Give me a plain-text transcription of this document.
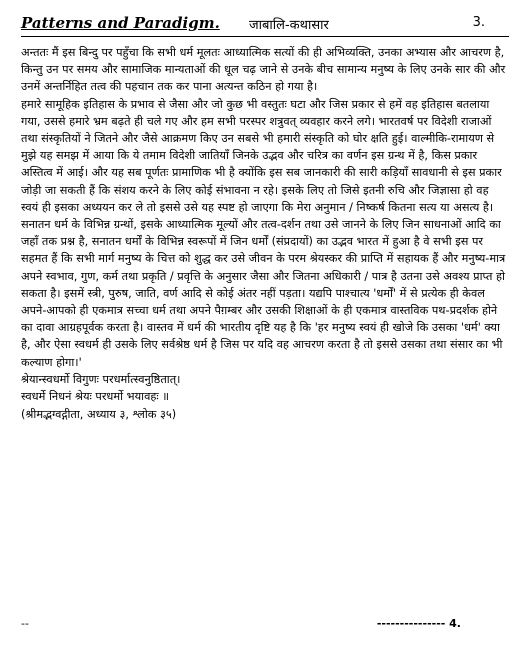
Patterns and Paradigm. जाबालि-कथासार	3.

अन्ततः मैं इस बिन्दु पर पहुँचा कि सभी धर्म मूलतः आध्यात्मिक सत्यों की ही अभिव्यक्ति, उनका अभ्यास और आचरण है, किन्तु उन पर समय और सामाजिक मान्यताओं की धूल चढ़ जाने से उनके बीच सामान्य मनुष्य के लिए उनके सार की और उनमें अन्तर्निहित तत्व की पहचान तक कर पाना अत्यन्त कठिन हो गया है।

हमारे सामूहिक इतिहास के प्रभाव से जैसा और जो कुछ भी वस्तुतः घटा और जिस प्रकार से हमें वह इतिहास बतलाया गया, उससे हमारे भ्रम बढ़ते ही चले गए और हम सभी परस्पर शत्रुवत् व्यवहार करने लगे। भारतवर्ष पर विदेशी राजाओं तथा संस्कृतियों ने जितने और जैसे आक्रमण किए उन सबसे भी हमारी संस्कृति को घोर क्षति हुई। वाल्मीकि-रामायण से मुझे यह समझ में आया कि ये तमाम विदेशी जातियाँ जिनके उद्भव और चरित्र का वर्णन इस ग्रन्थ में है, किस प्रकार अस्तित्व में आई। और यह सब पूर्णतः प्रामाणिक भी है क्योंकि इस सब जानकारी की सारी कड़ियाँ सावधानी से इस प्रकार जोड़ी जा सकती हैं कि संशय करने के लिए कोई संभावना न रहे। इसके लिए तो जिसे इतनी रुचि और जिज्ञासा हो वह स्वयं ही इसका अध्ययन कर ले तो इससे उसे यह स्पष्ट हो जाएगा कि मेरा अनुमान / निष्कर्ष कितना सत्य या असत्य है।

सनातन धर्म के विभिन्न ग्रन्थों, इसके आध्यात्मिक मूल्यों और तत्व-दर्शन तथा उसे जानने के लिए जिन साधनाओं आदि का जहाँ तक प्रश्न है, सनातन धर्मों के विभिन्न स्वरूपों में जिन धर्मों (संप्रदायों) का उद्भव भारत में हुआ है वे सभी इस पर सहमत हैं कि सभी मार्ग मनुष्य के चित्त को शुद्ध कर उसे जीवन के परम श्रेयस्कर की प्राप्ति में सहायक हैं और मनुष्य-मात्र अपने स्वभाव, गुण, कर्म तथा प्रकृति / प्रवृत्ति के अनुसार जैसा और जितना अधिकारी / पात्र है उतना उसे अवश्य प्राप्त हो सकता है। इसमें स्त्री, पुरुष, जाति, वर्ण आदि से कोई अंतर नहीं पड़ता। यद्यपि पाश्चात्य 'धर्मों' में से प्रत्येक ही केवल अपने-आपको ही एकमात्र सच्चा धर्म तथा अपने पैग़म्बर और उसकी शिक्षाओं के ही एकमात्र वास्तविक पथ-प्रदर्शक होने का दावा आग्रहपूर्वक करता है। वास्तव में धर्म की भारतीय दृष्टि यह है कि 'हर मनुष्य स्वयं ही खोजे कि उसका 'धर्म' क्या है, और ऐसा स्वधर्म ही उसके लिए सर्वश्रेष्ठ धर्म है जिस पर यदि वह आचरण करता है तो इससे उसका तथा संसार का भी कल्याण होगा।'

श्रेयान्स्वधर्मो विगुणः परधर्मात्स्वनुष्ठितात्।
स्वधर्मे निधनं श्रेयः परधर्मो भयावहः ॥
(श्रीमद्भग्वद्गीता, अध्याय ३, श्लोक ३५)
--	--------------- 4.
